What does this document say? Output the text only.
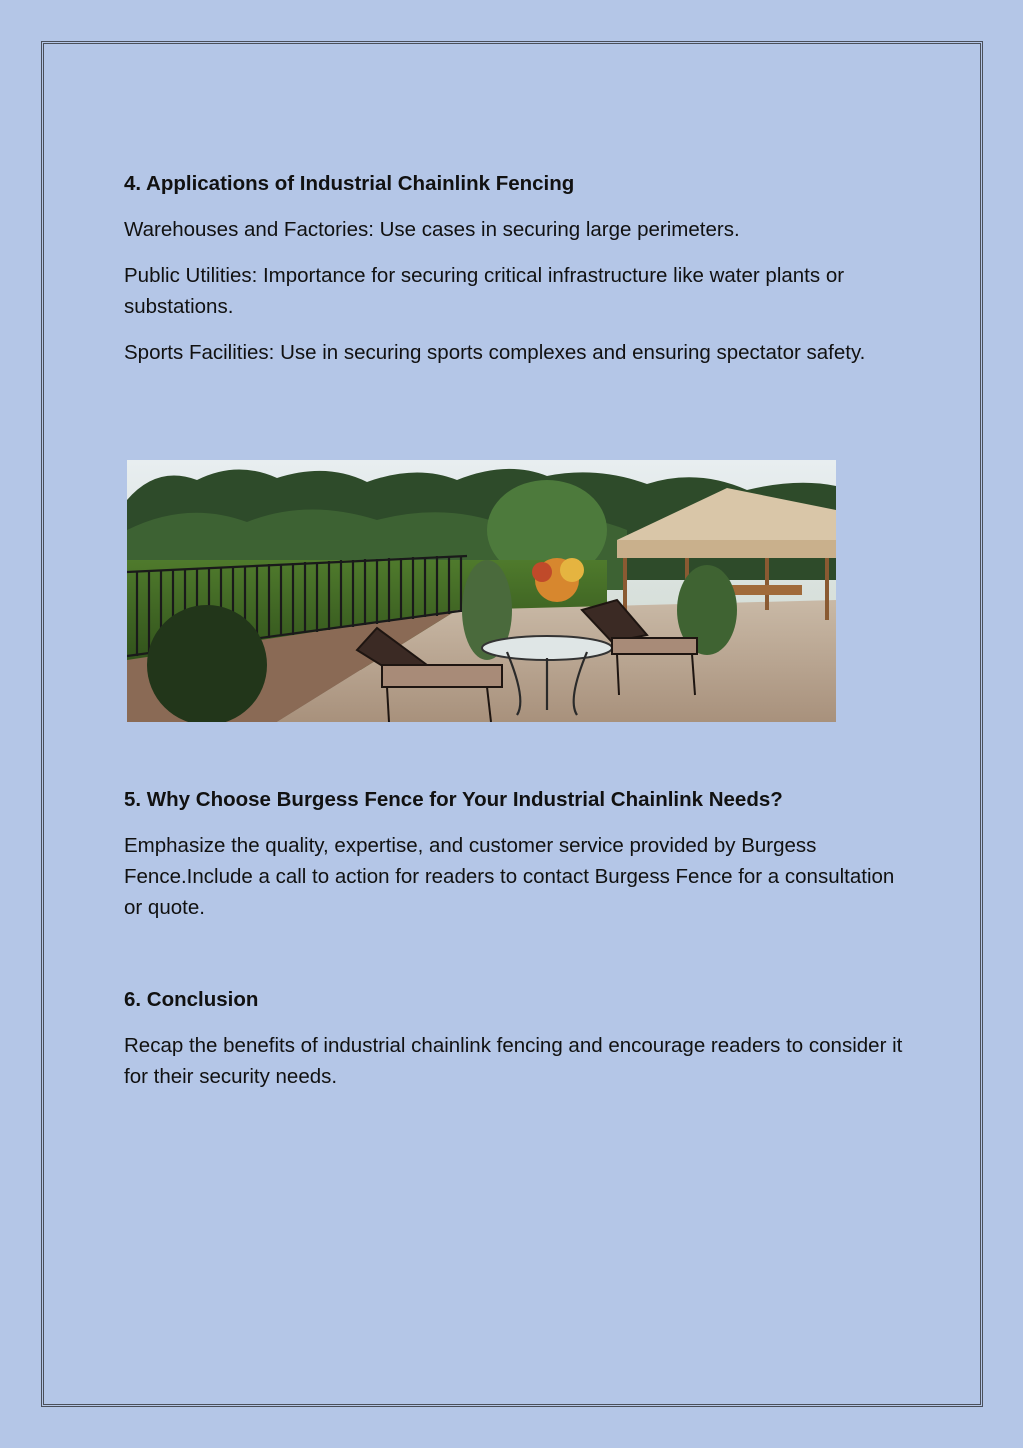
4. Applications of Industrial Chainlink Fencing

Warehouses and Factories: Use cases in securing large perimeters.

Public Utilities: Importance for securing critical infrastructure like water plants or substations.

Sports Facilities: Use in securing sports complexes and ensuring spectator safety.

5. Why Choose Burgess Fence for Your Industrial Chainlink Needs?

Emphasize the quality, expertise, and customer service provided by Burgess Fence.Include a call to action for readers to contact Burgess Fence for a consultation or quote.

6. Conclusion

Recap the benefits of industrial chainlink fencing and encourage readers to consider it for their security needs.
